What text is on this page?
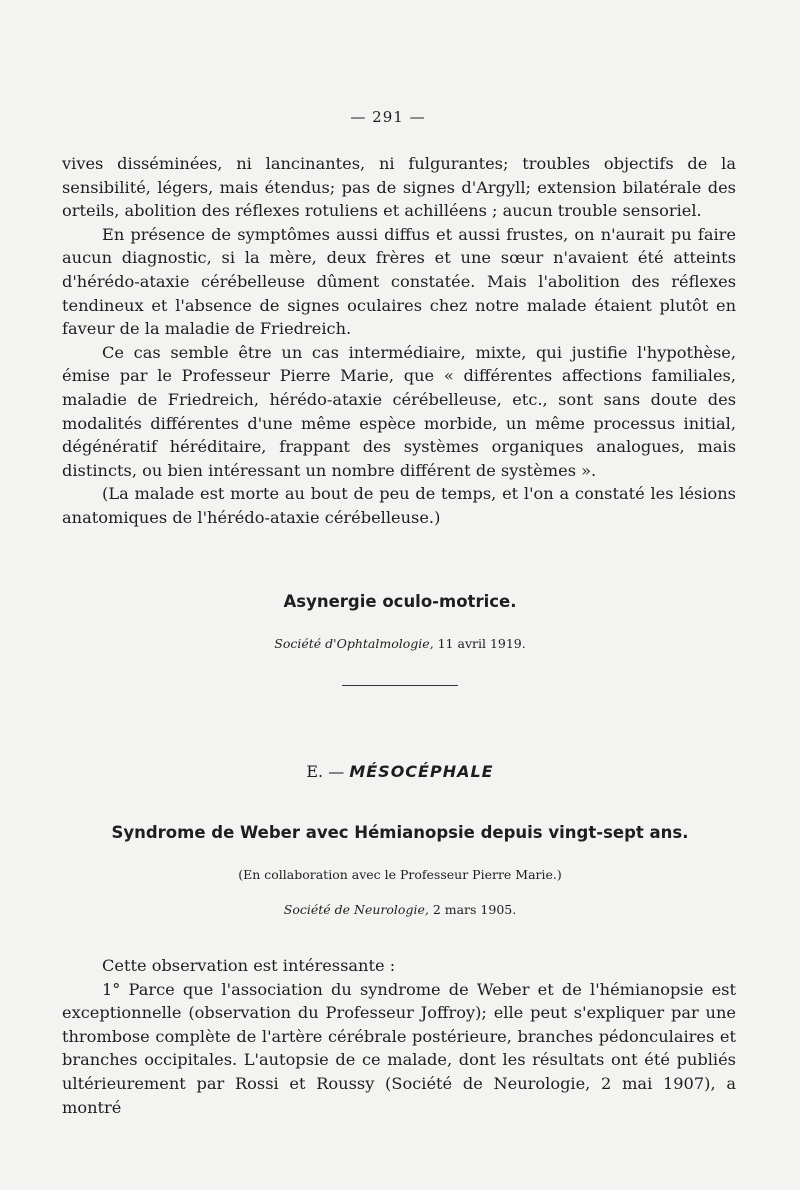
— 291 —

vives disséminées, ni lancinantes, ni fulgurantes; troubles objectifs de la sensibilité, légers, mais étendus; pas de signes d'Argyll; extension bilatérale des orteils, abolition des réflexes rotuliens et achilléens ; aucun trouble sensoriel.

En présence de symptômes aussi diffus et aussi frustes, on n'aurait pu faire aucun diagnostic, si la mère, deux frères et une sœur n'avaient été atteints d'hérédo-ataxie cérébelleuse dûment constatée. Mais l'abolition des réflexes tendineux et l'absence de signes oculaires chez notre malade étaient plutôt en faveur de la maladie de Friedreich.

Ce cas semble être un cas intermédiaire, mixte, qui justifie l'hypothèse, émise par le Professeur Pierre Marie, que « différentes affections familiales, maladie de Friedreich, hérédo-ataxie cérébelleuse, etc., sont sans doute des modalités différentes d'une même espèce morbide, un même processus initial, dégénératif héréditaire, frappant des systèmes organiques analogues, mais distincts, ou bien intéressant un nombre différent de systèmes ».

(La malade est morte au bout de peu de temps, et l'on a constaté les lésions anatomiques de l'hérédo-ataxie cérébelleuse.)

Asynergie oculo-motrice.
Société d'Ophtalmologie, 11 avril 1919.
E. — MÉSOCÉPHALE
Syndrome de Weber avec Hémianopsie depuis vingt-sept ans.
(En collaboration avec le Professeur Pierre Marie.)
Société de Neurologie, 2 mars 1905.

Cette observation est intéressante :

1° Parce que l'association du syndrome de Weber et de l'hémianopsie est exceptionnelle (observation du Professeur Joffroy); elle peut s'expliquer par une thrombose complète de l'artère cérébrale postérieure, branches pédonculaires et branches occipitales. L'autopsie de ce malade, dont les résultats ont été publiés ultérieurement par Rossi et Roussy (Société de Neurologie, 2 mai 1907), a montré
